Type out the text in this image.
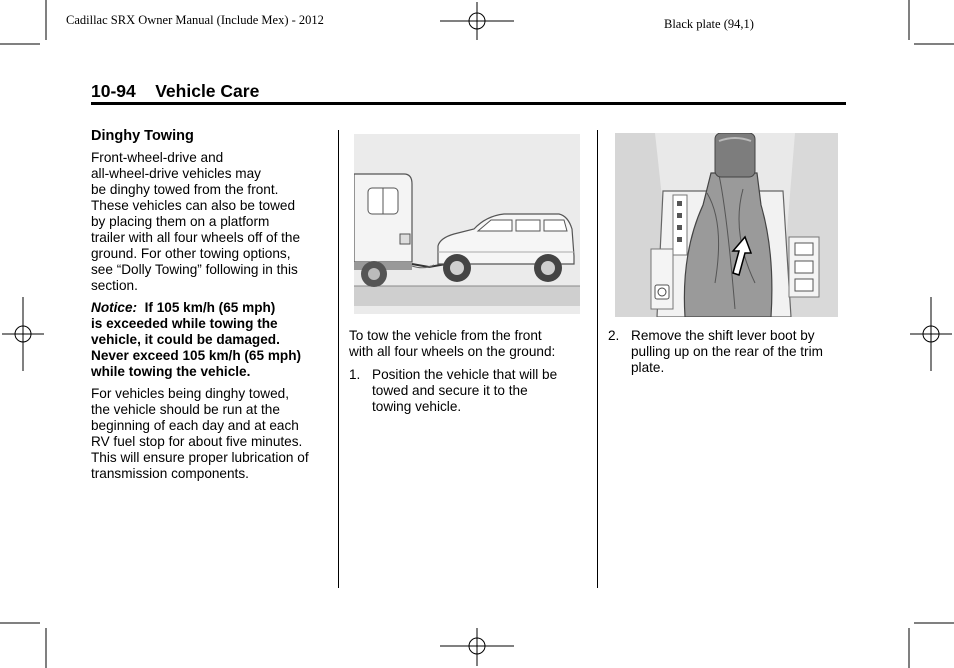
Cadillac SRX Owner Manual (Include Mex) - 2012	Black plate (94,1)
10-94 Vehicle Care
Dinghy Towing

Front-wheel-drive and

all-wheel-drive vehicles may

be dinghy towed from the front.

These vehicles can also be towed

by placing them on a platform

trailer with all four wheels off of the

ground. For other towing options,

see “Dolly Towing” following in this

section.

Notice: If 105 km/h (65 mph)

is exceeded while towing the

vehicle, it could be damaged.

Never exceed 105 km/h (65 mph)

while towing the vehicle.

For vehicles being dinghy towed,

the vehicle should be run at the

beginning of each day and at each

RV fuel stop for about five minutes.

This will ensure proper lubrication of

transmission components.

To tow the vehicle from the front

with all four wheels on the ground:

1. Position the vehicle that will be

towed and secure it to the

towing vehicle.

2. Remove the shift lever boot by

pulling up on the rear of the trim

plate.
